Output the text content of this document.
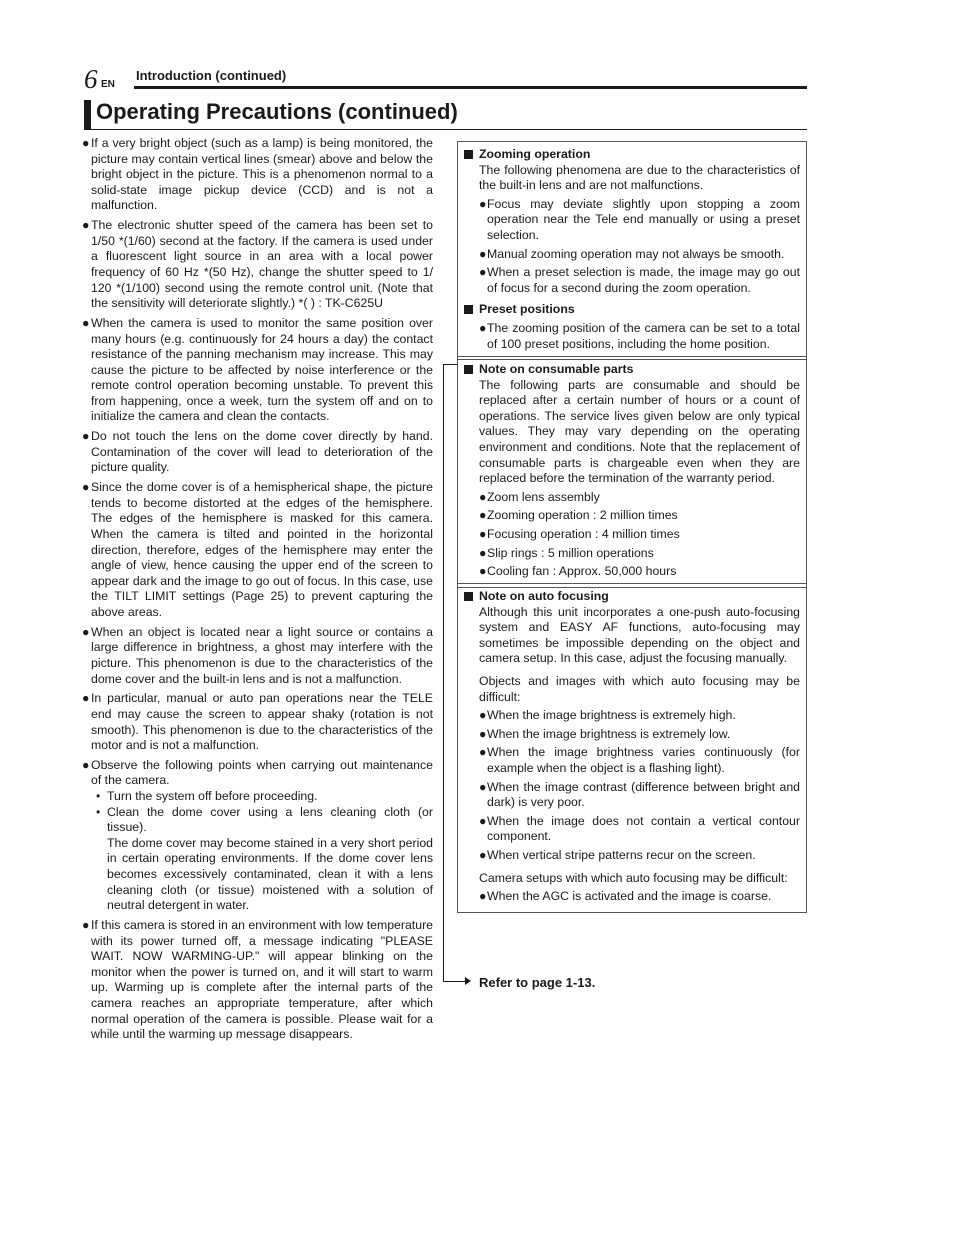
6 EN
Introduction (continued)
Operating Precautions (continued)
● If a very bright object (such as a lamp) is being monitored, the picture may contain vertical lines (smear) above and below the bright object in the picture. This is a phenomenon normal to a solid-state image pickup device (CCD) and is not a malfunction.
● The electronic shutter speed of the camera has been set to 1/50 *(1/60) second at the factory. If the camera is used under a fluorescent light source in an area with a local power frequency of 60 Hz *(50 Hz), change the shutter speed to 1/ 120 *(1/100) second using the remote control unit. (Note that the sensitivity will deteriorate slightly.) *( ) : TK-C625U
● When the camera is used to monitor the same position over many hours (e.g. continuously for 24 hours a day) the contact resistance of the panning mechanism may increase. This may cause the picture to be affected by noise interference or the remote control operation becoming unstable. To prevent this from happening, once a week, turn the system off and on to initialize the camera and clean the contacts.
● Do not touch the lens on the dome cover directly by hand. Contamination of the cover will lead to deterioration of the picture quality.
● Since the dome cover is of a hemispherical shape, the picture tends to become distorted at the edges of the hemisphere. The edges of the hemisphere is masked for this camera. When the camera is tilted and pointed in the horizontal direction, therefore, edges of the hemisphere may enter the angle of view, hence causing the upper end of the screen to appear dark and the image to go out of focus. In this case, use the TILT LIMIT settings (Page 25) to prevent capturing the above areas.
● When an object is located near a light source or contains a large difference in brightness, a ghost may interfere with the picture. This phenomenon is due to the characteristics of the dome cover and the built-in lens and is not a malfunction.
● In particular, manual or auto pan operations near the TELE end may cause the screen to appear shaky (rotation is not smooth). This phenomenon is due to the characteristics of the motor and is not a malfunction.
● Observe the following points when carrying out maintenance of the camera.
• Turn the system off before proceeding.
• Clean the dome cover using a lens cleaning cloth (or tissue).
The dome cover may become stained in a very short period in certain operating environments. If the dome cover lens becomes excessively contaminated, clean it with a lens cleaning cloth (or tissue) moistened with a solution of neutral detergent in water.
● If this camera is stored in an environment with low temperature with its power turned off, a message indicating "PLEASE WAIT. NOW WARMING-UP." will appear blinking on the monitor when the power is turned on, and it will start to warm up. Warming up is complete after the internal parts of the camera reaches an appropriate temperature, after which normal operation of the camera is possible. Please wait for a while until the warming up message disappears.
Zooming operation
The following phenomena are due to the characteristics of the built-in lens and are not malfunctions.
● Focus may deviate slightly upon stopping a zoom operation near the Tele end manually or using a preset selection.
● Manual zooming operation may not always be smooth.
● When a preset selection is made, the image may go out of focus for a second during the zoom operation.
Preset positions
● The zooming position of the camera can be set to a total of 100 preset positions, including the home position.
Note on consumable parts
The following parts are consumable and should be replaced after a certain number of hours or a count of operations. The service lives given below are only typical values. They may vary depending on the operating environment and conditions. Note that the replacement of consumable parts is chargeable even when they are replaced before the termination of the warranty period.
● Zoom lens assembly
● Zooming operation : 2 million times
● Focusing operation : 4 million times
● Slip rings : 5 million operations
● Cooling fan : Approx. 50,000 hours
Note on auto focusing
Although this unit incorporates a one-push auto-focusing system and EASY AF functions, auto-focusing may sometimes be impossible depending on the object and camera setup. In this case, adjust the focusing manually.
Objects and images with which auto focusing may be difficult:
● When the image brightness is extremely high.
● When the image brightness is extremely low.
● When the image brightness varies continuously (for example when the object is a flashing light).
● When the image contrast (difference between bright and dark) is very poor.
● When the image does not contain a vertical contour component.
● When vertical stripe patterns recur on the screen.
Camera setups with which auto focusing may be difficult:
● When the AGC is activated and the image is coarse.
Refer to page 1-13.
